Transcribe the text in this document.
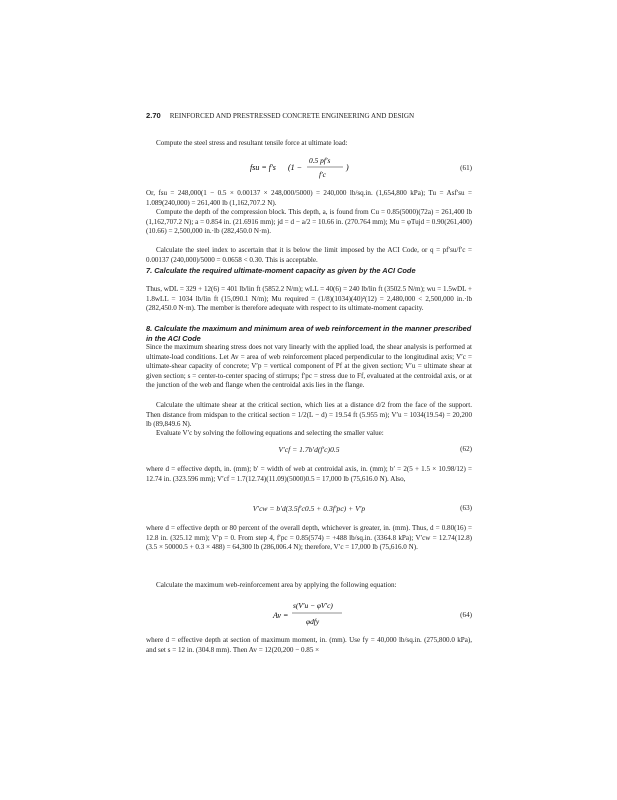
2.70 REINFORCED AND PRESTRESSED CONCRETE ENGINEERING AND DESIGN

Compute the steel stress and resultant tensile force at ultimate load:

fsu = f′s (1 −
0.5 pf′s
f′c
)	(61)

Or, fsu = 248,000(1 − 0.5 × 0.00137 × 248,000/5000) = 240,000 lb/sq.in. (1,654,800 kPa); Tu = Asf′su = 1.089(240,000) = 261,400 lb (1,162,707.2 N).

Compute the depth of the compression block. This depth, a, is found from Cu = 0.85(5000)(72a) = 261,400 lb (1,162,707.2 N); a = 0.854 in. (21.6916 mm); jd = d − a/2 = 10.66 in. (270.764 mm); Mu = φTujd = 0.90(261,400)(10.66) = 2,500,000 in.·lb (282,450.0 N·m).

Calculate the steel index to ascertain that it is below the limit imposed by the ACI Code, or q = pf′su/f′c = 0.00137 (240,000)/5000 = 0.0658 < 0.30. This is acceptable.

7. Calculate the required ultimate-moment capacity as given by the ACI Code

Thus, wDL = 329 + 12(6) = 401 lb/lin ft (5852.2 N/m); wLL = 40(6) = 240 lb/lin ft (3502.5 N/m); wu = 1.5wDL + 1.8wLL = 1034 lb/lin ft (15,090.1 N/m); Mu required = (1/8)(1034)(40)²(12) = 2,480,000 < 2,500,000 in.·lb (282,450.0 N·m). The member is therefore adequate with respect to its ultimate-moment capacity.

8. Calculate the maximum and minimum area of web reinforcement in the manner prescribed in the ACI Code

Since the maximum shearing stress does not vary linearly with the applied load, the shear analysis is performed at ultimate-load conditions. Let Av = area of web reinforcement placed perpendicular to the longitudinal axis; V′c = ultimate-shear capacity of concrete; V′p = vertical component of Pf at the given section; V′u = ultimate shear at given section; s = center-to-center spacing of stirrups; f′pc = stress due to Ff, evaluated at the centroidal axis, or at the junction of the web and flange when the centroidal axis lies in the flange.

Calculate the ultimate shear at the critical section, which lies at a distance d/2 from the face of the support. Then distance from midspan to the critical section = 1/2(L − d) = 19.54 ft (5.955 m); V′u = 1034(19.54) = 20,200 lb (89,849.6 N).

Evaluate V′c by solving the following equations and selecting the smaller value:

V′cf = 1.7b′d(f′c)0.5	(62)

where d = effective depth, in. (mm); b′ = width of web at centroidal axis, in. (mm); b′ = 2(5 + 1.5 × 10.98/12) = 12.74 in. (323.596 mm); V′cf = 1.7(12.74)(11.09)(5000)0.5 = 17,000 lb (75,616.0 N). Also,

V′cw = b′d(3.5f′c0.5 + 0.3f′pc) + V′p	(63)

where d = effective depth or 80 percent of the overall depth, whichever is greater, in. (mm). Thus, d = 0.80(16) = 12.8 in. (325.12 mm); V′p = 0. From step 4, f′pc = 0.85(574) = +488 lb/sq.in. (3364.8 kPa); V′cw = 12.74(12.8)(3.5 × 50000.5 + 0.3 × 488) = 64,300 lb (286,006.4 N); therefore, V′c = 17,000 lb (75,616.0 N).

Calculate the maximum web-reinforcement area by applying the following equation:

Av =
s(V′u − φV′c)
φdfy
(64)

where d = effective depth at section of maximum moment, in. (mm). Use fy = 40,000 lb/sq.in. (275,800.0 kPa), and set s = 12 in. (304.8 mm). Then Av = 12(20,200 − 0.85 ×
